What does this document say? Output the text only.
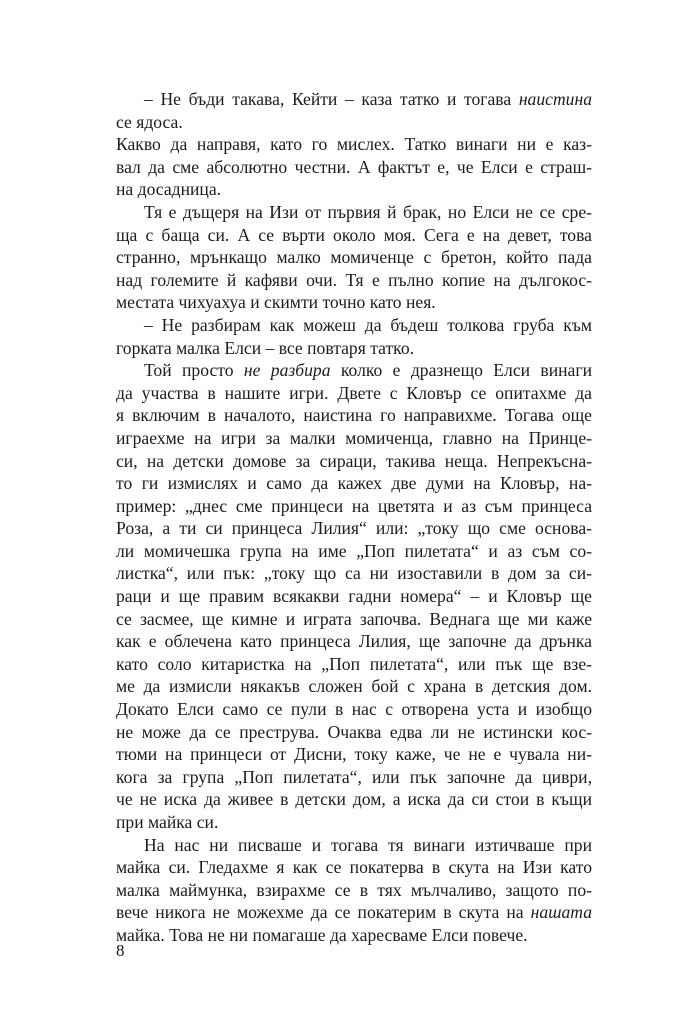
– Не бъди такава, Кейти – каза татко и тогава наистина
се ядоса.

Какво да направя, като го мислех. Татко винаги ни е каз-
вал да сме абсолютно честни. А фактът е, че Елси е страш-
на досадница.

Тя е дъщеря на Изи от първия й брак, но Елси не се сре-
ща с баща си. А се върти около моя. Сега е на девет, това
странно, мрънкащо малко момиченце с бретон, който пада
над големите й кафяви очи. Тя е пълно копие на дългокос-
местата чихуахуа и скимти точно като нея.

– Не разбирам как можеш да бъдеш толкова груба към
горката малка Елси – все повтаря татко.

Той просто не разбира колко е дразнещо Елси винаги
да участва в нашите игри. Двете с Кловър се опитахме да
я включим в началото, наистина го направихме. Тогава още
играехме на игри за малки момиченца, главно на Принце-
си, на детски домове за сираци, такива неща. Непрекъсна-
то ги измислях и само да кажех две думи на Кловър, на-
пример: „днес сме принцеси на цветята и аз съм принцеса
Роза, а ти си принцеса Лилия“ или: „току що сме основа-
ли момичешка група на име „Поп пилетата“ и аз съм со-
листка“, или пък: „току що са ни изоставили в дом за си-
раци и ще правим всякакви гадни номера“ – и Кловър ще
се засмее, ще кимне и играта започва. Веднага ще ми каже
как е облечена като принцеса Лилия, ще започне да дрънка
като соло китаристка на „Поп пилетата“, или пък ще взе-
ме да измисли някакъв сложен бой с храна в детския дом.
Докато Елси само се пули в нас с отворена уста и изобщо
не може да се преструва. Очаква едва ли не истински кос-
тюми на принцеси от Дисни, току каже, че не е чувала ни-
кога за група „Поп пилетата“, или пък започне да циври,
че не иска да живее в детски дом, а иска да си стои в къщи
при майка си.

На нас ни писваше и тогава тя винаги изтичваше при
майка си. Гледахме я как се покатерва в скута на Изи като
малка маймунка, взирахме се в тях мълчаливо, защото по-
вече никога не можехме да се покатерим в скута на нашата
майка. Това не ни помагаше да харесваме Елси повече.

8
